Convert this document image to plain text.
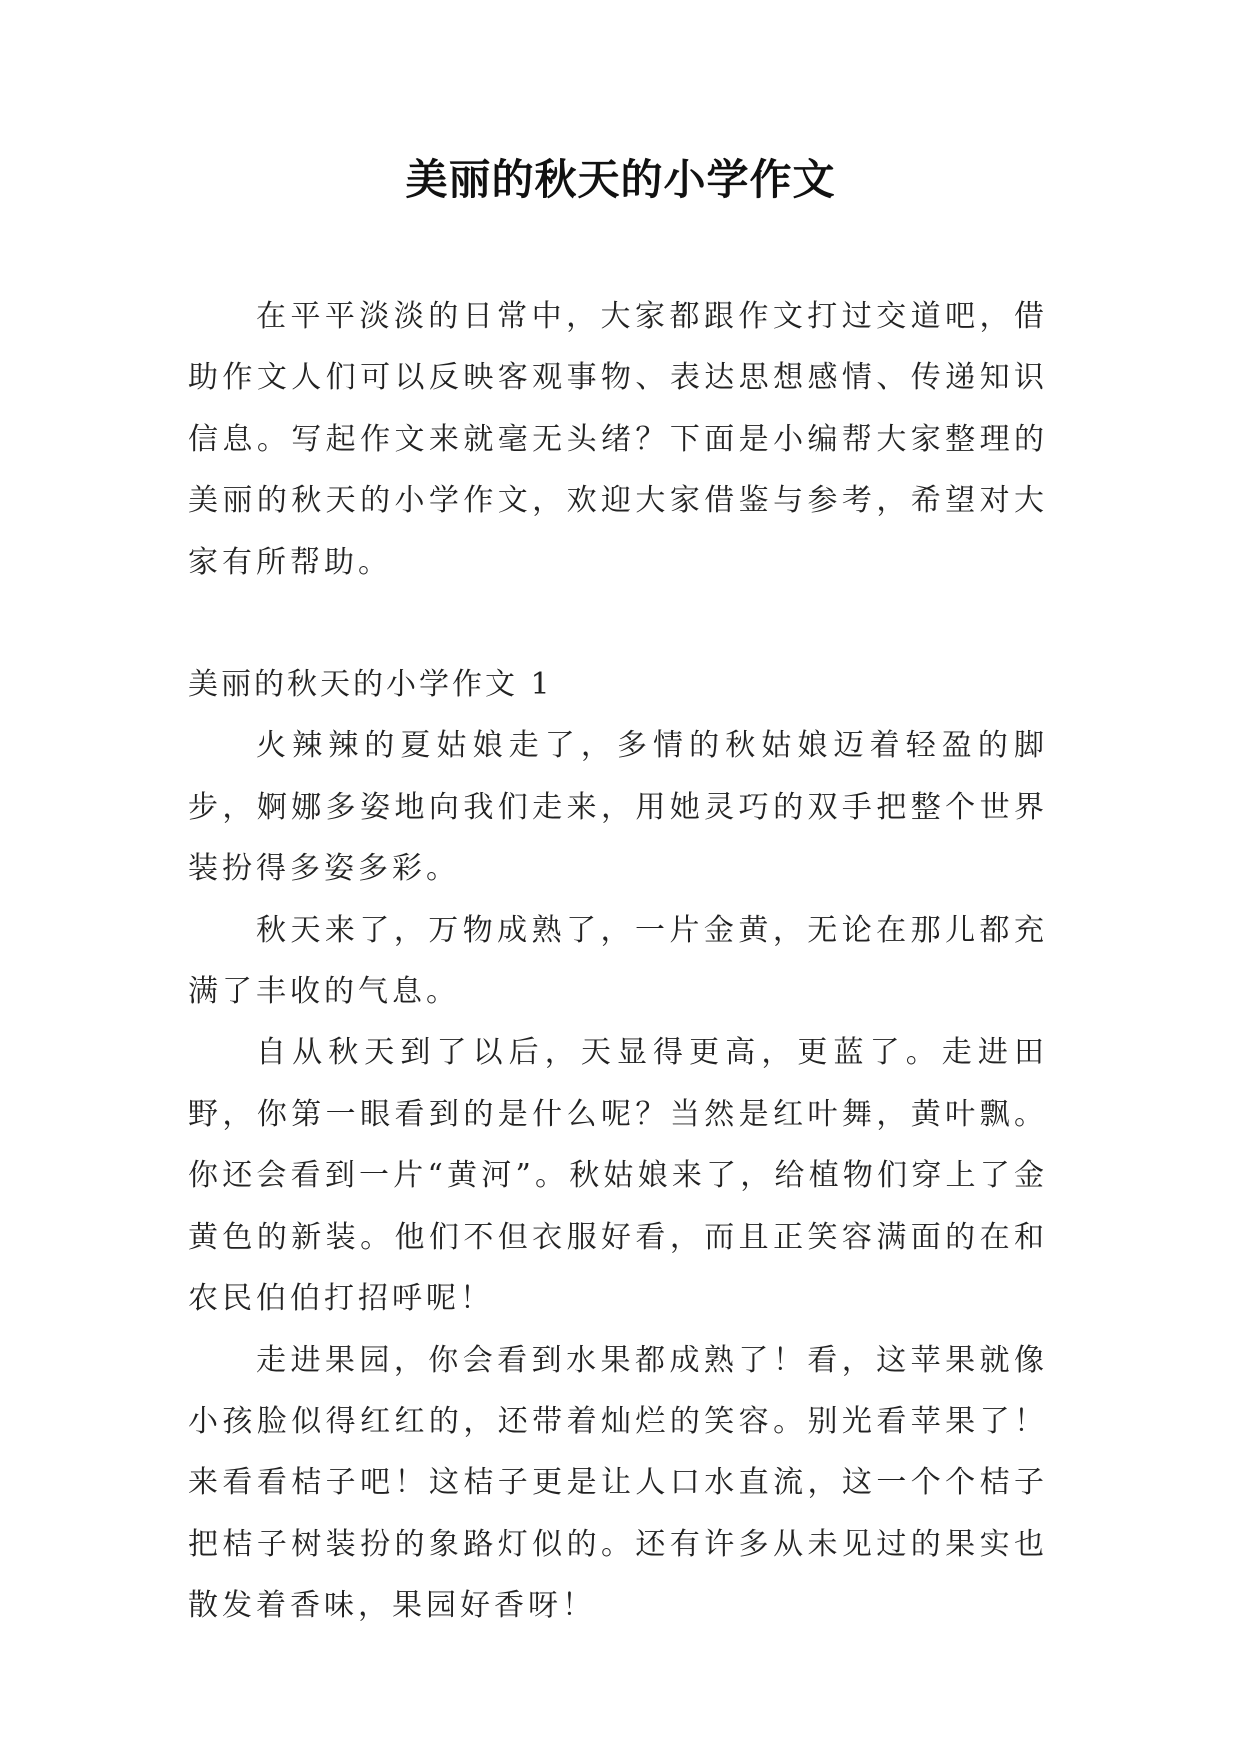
美丽的秋天的小学作文

在平平淡淡的日常中，大家都跟作文打过交道吧，借助作文人们可以反映客观事物、表达思想感情、传递知识信息。写起作文来就毫无头绪？下面是小编帮大家整理的美丽的秋天的小学作文，欢迎大家借鉴与参考，希望对大家有所帮助。

美丽的秋天的小学作文 1

火辣辣的夏姑娘走了，多情的秋姑娘迈着轻盈的脚步，婀娜多姿地向我们走来，用她灵巧的双手把整个世界装扮得多姿多彩。

秋天来了，万物成熟了，一片金黄，无论在那儿都充满了丰收的气息。

自从秋天到了以后，天显得更高，更蓝了。走进田野，你第一眼看到的是什么呢？当然是红叶舞，黄叶飘。你还会看到一片“黄河”。秋姑娘来了，给植物们穿上了金黄色的新装。他们不但衣服好看，而且正笑容满面的在和农民伯伯打招呼呢！

走进果园，你会看到水果都成熟了！看，这苹果就像小孩脸似得红红的，还带着灿烂的笑容。别光看苹果了！来看看桔子吧！这桔子更是让人口水直流，这一个个桔子把桔子树装扮的象路灯似的。还有许多从未见过的果实也散发着香味，果园好香呀！
